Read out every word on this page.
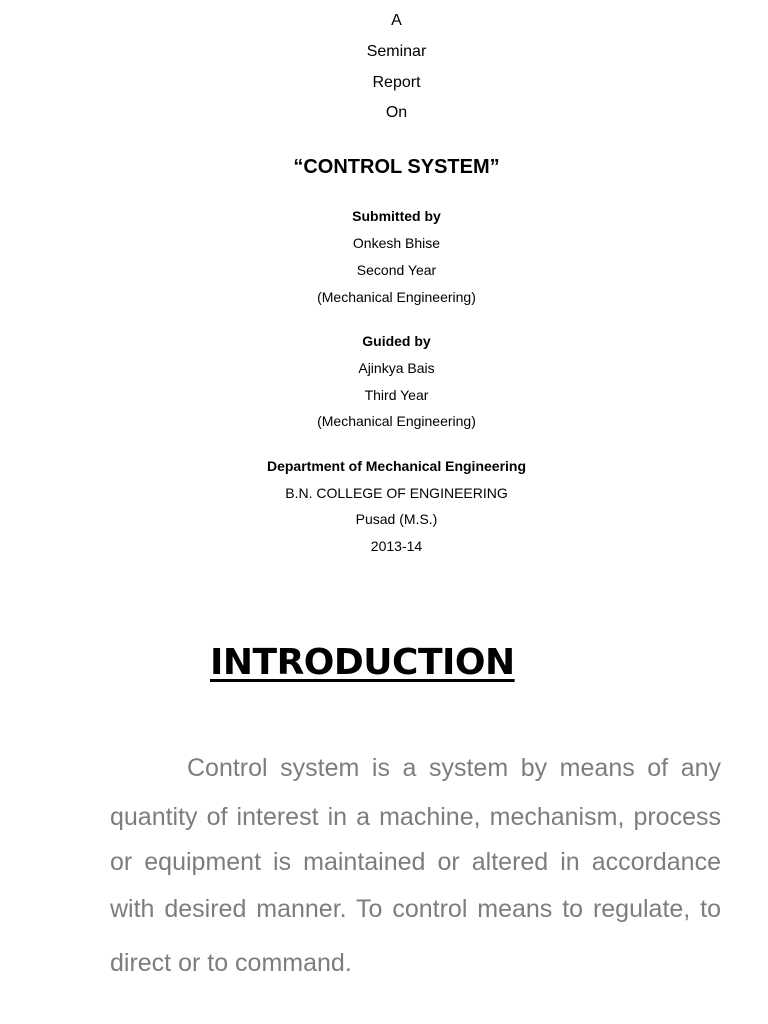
A
Seminar
Report
On
“CONTROL SYSTEM”
Submitted by
Onkesh Bhise
Second Year
(Mechanical Engineering)
Guided by
Ajinkya Bais
Third Year
(Mechanical Engineering)
Department of Mechanical Engineering
B.N. COLLEGE OF ENGINEERING
Pusad (M.S.)
2013-14
INTRODUCTION
Control system is a system by means of any
quantity of interest in a machine, mechanism, process
or equipment is maintained or altered in accordance
with desired manner. To control means to regulate, to
direct or to command.
